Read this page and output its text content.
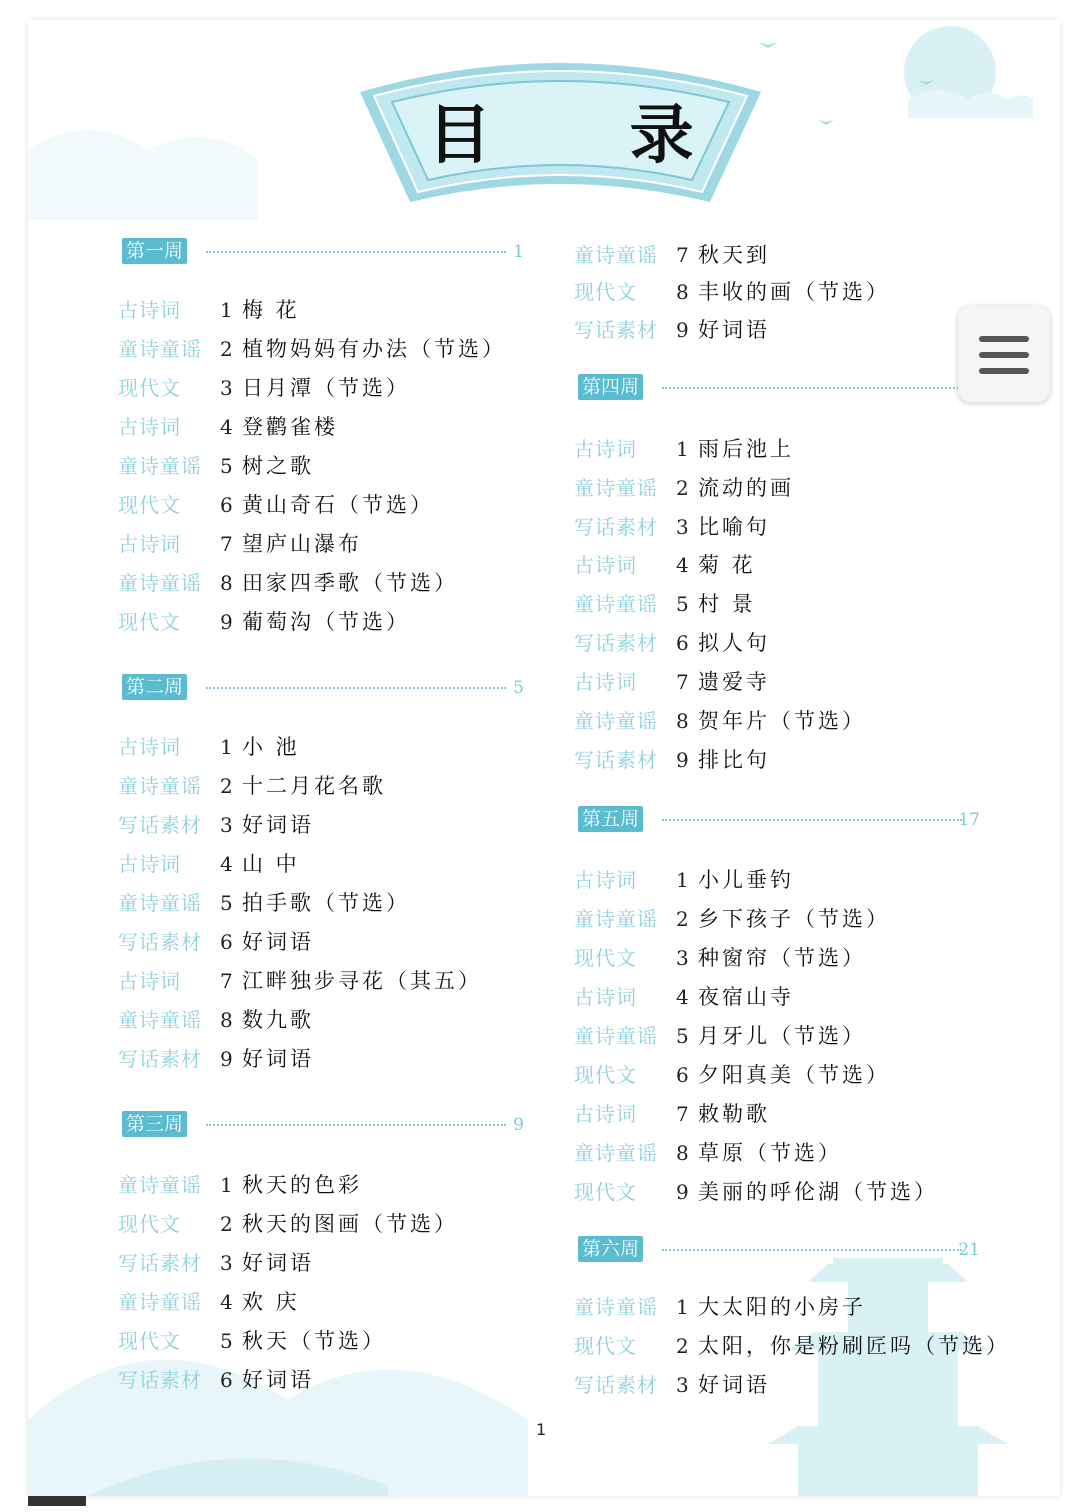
目 录
第一周	1
古诗词 1 梅 花
童诗童谣 2 植物妈妈有办法（节选）
现代文 3 日月潭（节选）
古诗词 4 登鹳雀楼
童诗童谣 5 树之歌
现代文 6 黄山奇石（节选）
古诗词 7 望庐山瀑布
童诗童谣 8 田家四季歌（节选）
现代文 9 葡萄沟（节选）
第二周	5
古诗词 1 小 池
童诗童谣 2 十二月花名歌
写话素材 3 好词语
古诗词 4 山 中
童诗童谣 5 拍手歌（节选）
写话素材 6 好词语
古诗词 7 江畔独步寻花（其五）
童诗童谣 8 数九歌
写话素材 9 好词语
第三周	9
童诗童谣 1 秋天的色彩
现代文 2 秋天的图画（节选）
写话素材 3 好词语
童诗童谣 4 欢 庆
现代文 5 秋天（节选）
写话素材 6 好词语
童诗童谣 7 秋天到
现代文 8 丰收的画（节选）
写话素材 9 好词语
第四周
古诗词 1 雨后池上
童诗童谣 2 流动的画
写话素材 3 比喻句
古诗词 4 菊 花
童诗童谣 5 村 景
写话素材 6 拟人句
古诗词 7 遗爱寺
童诗童谣 8 贺年片（节选）
写话素材 9 排比句
第五周	17
古诗词 1 小儿垂钓
童诗童谣 2 乡下孩子（节选）
现代文 3 种窗帘（节选）
古诗词 4 夜宿山寺
童诗童谣 5 月牙儿（节选）
现代文 6 夕阳真美（节选）
古诗词 7 敕勒歌
童诗童谣 8 草原（节选）
现代文 9 美丽的呼伦湖（节选）
第六周	21
童诗童谣 1 大太阳的小房子
现代文 2 太阳，你是粉刷匠吗（节选）
写话素材 3 好词语
1
